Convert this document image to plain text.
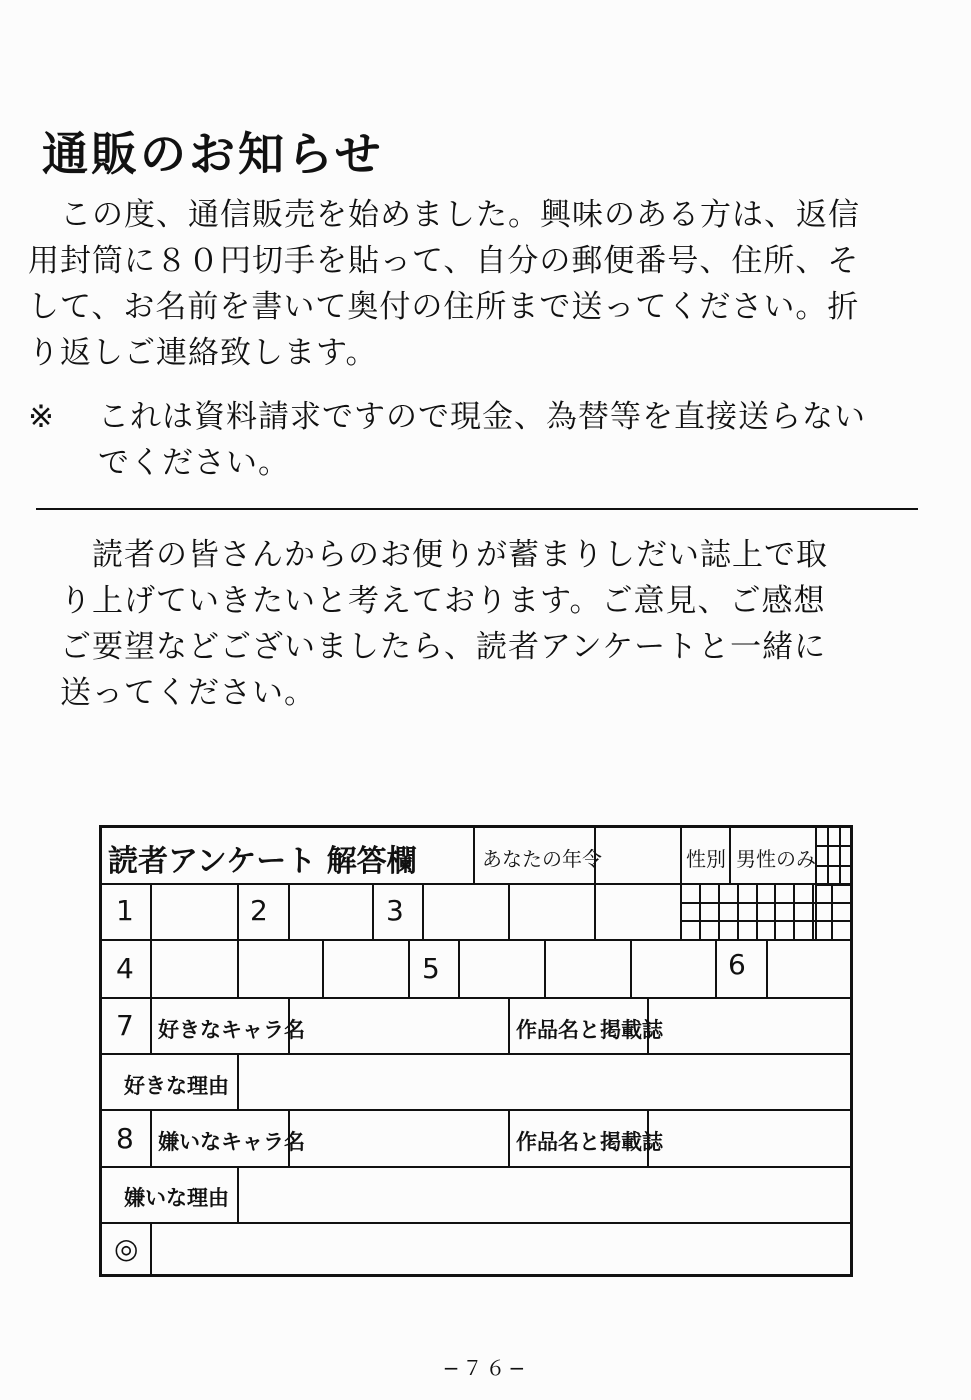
通販のお知らせ

　この度、通信販売を始めました。興味のある方は、返信
用封筒に８０円切手を貼って、自分の郵便番号、住所、そ
して、お名前を書いて奥付の住所まで送ってください。折
り返しご連絡致します。

※ これは資料請求ですので現金、為替等を直接送らない
でください。

　読者の皆さんからのお便りが蓄まりしだい誌上で取
り上げていきたいと考えております。ご意見、ご感想
ご要望などございましたら、読者アンケートと一緒に
送ってください。

読者アンケート 解答欄	あなたの年令	性別 男性のみ
1	2	3
4	5	6
7 好きなキャラ名	作品名と掲載誌
好きな理由
8 嫌いなキャラ名	作品名と掲載誌
嫌いな理由
◎
−７６−
